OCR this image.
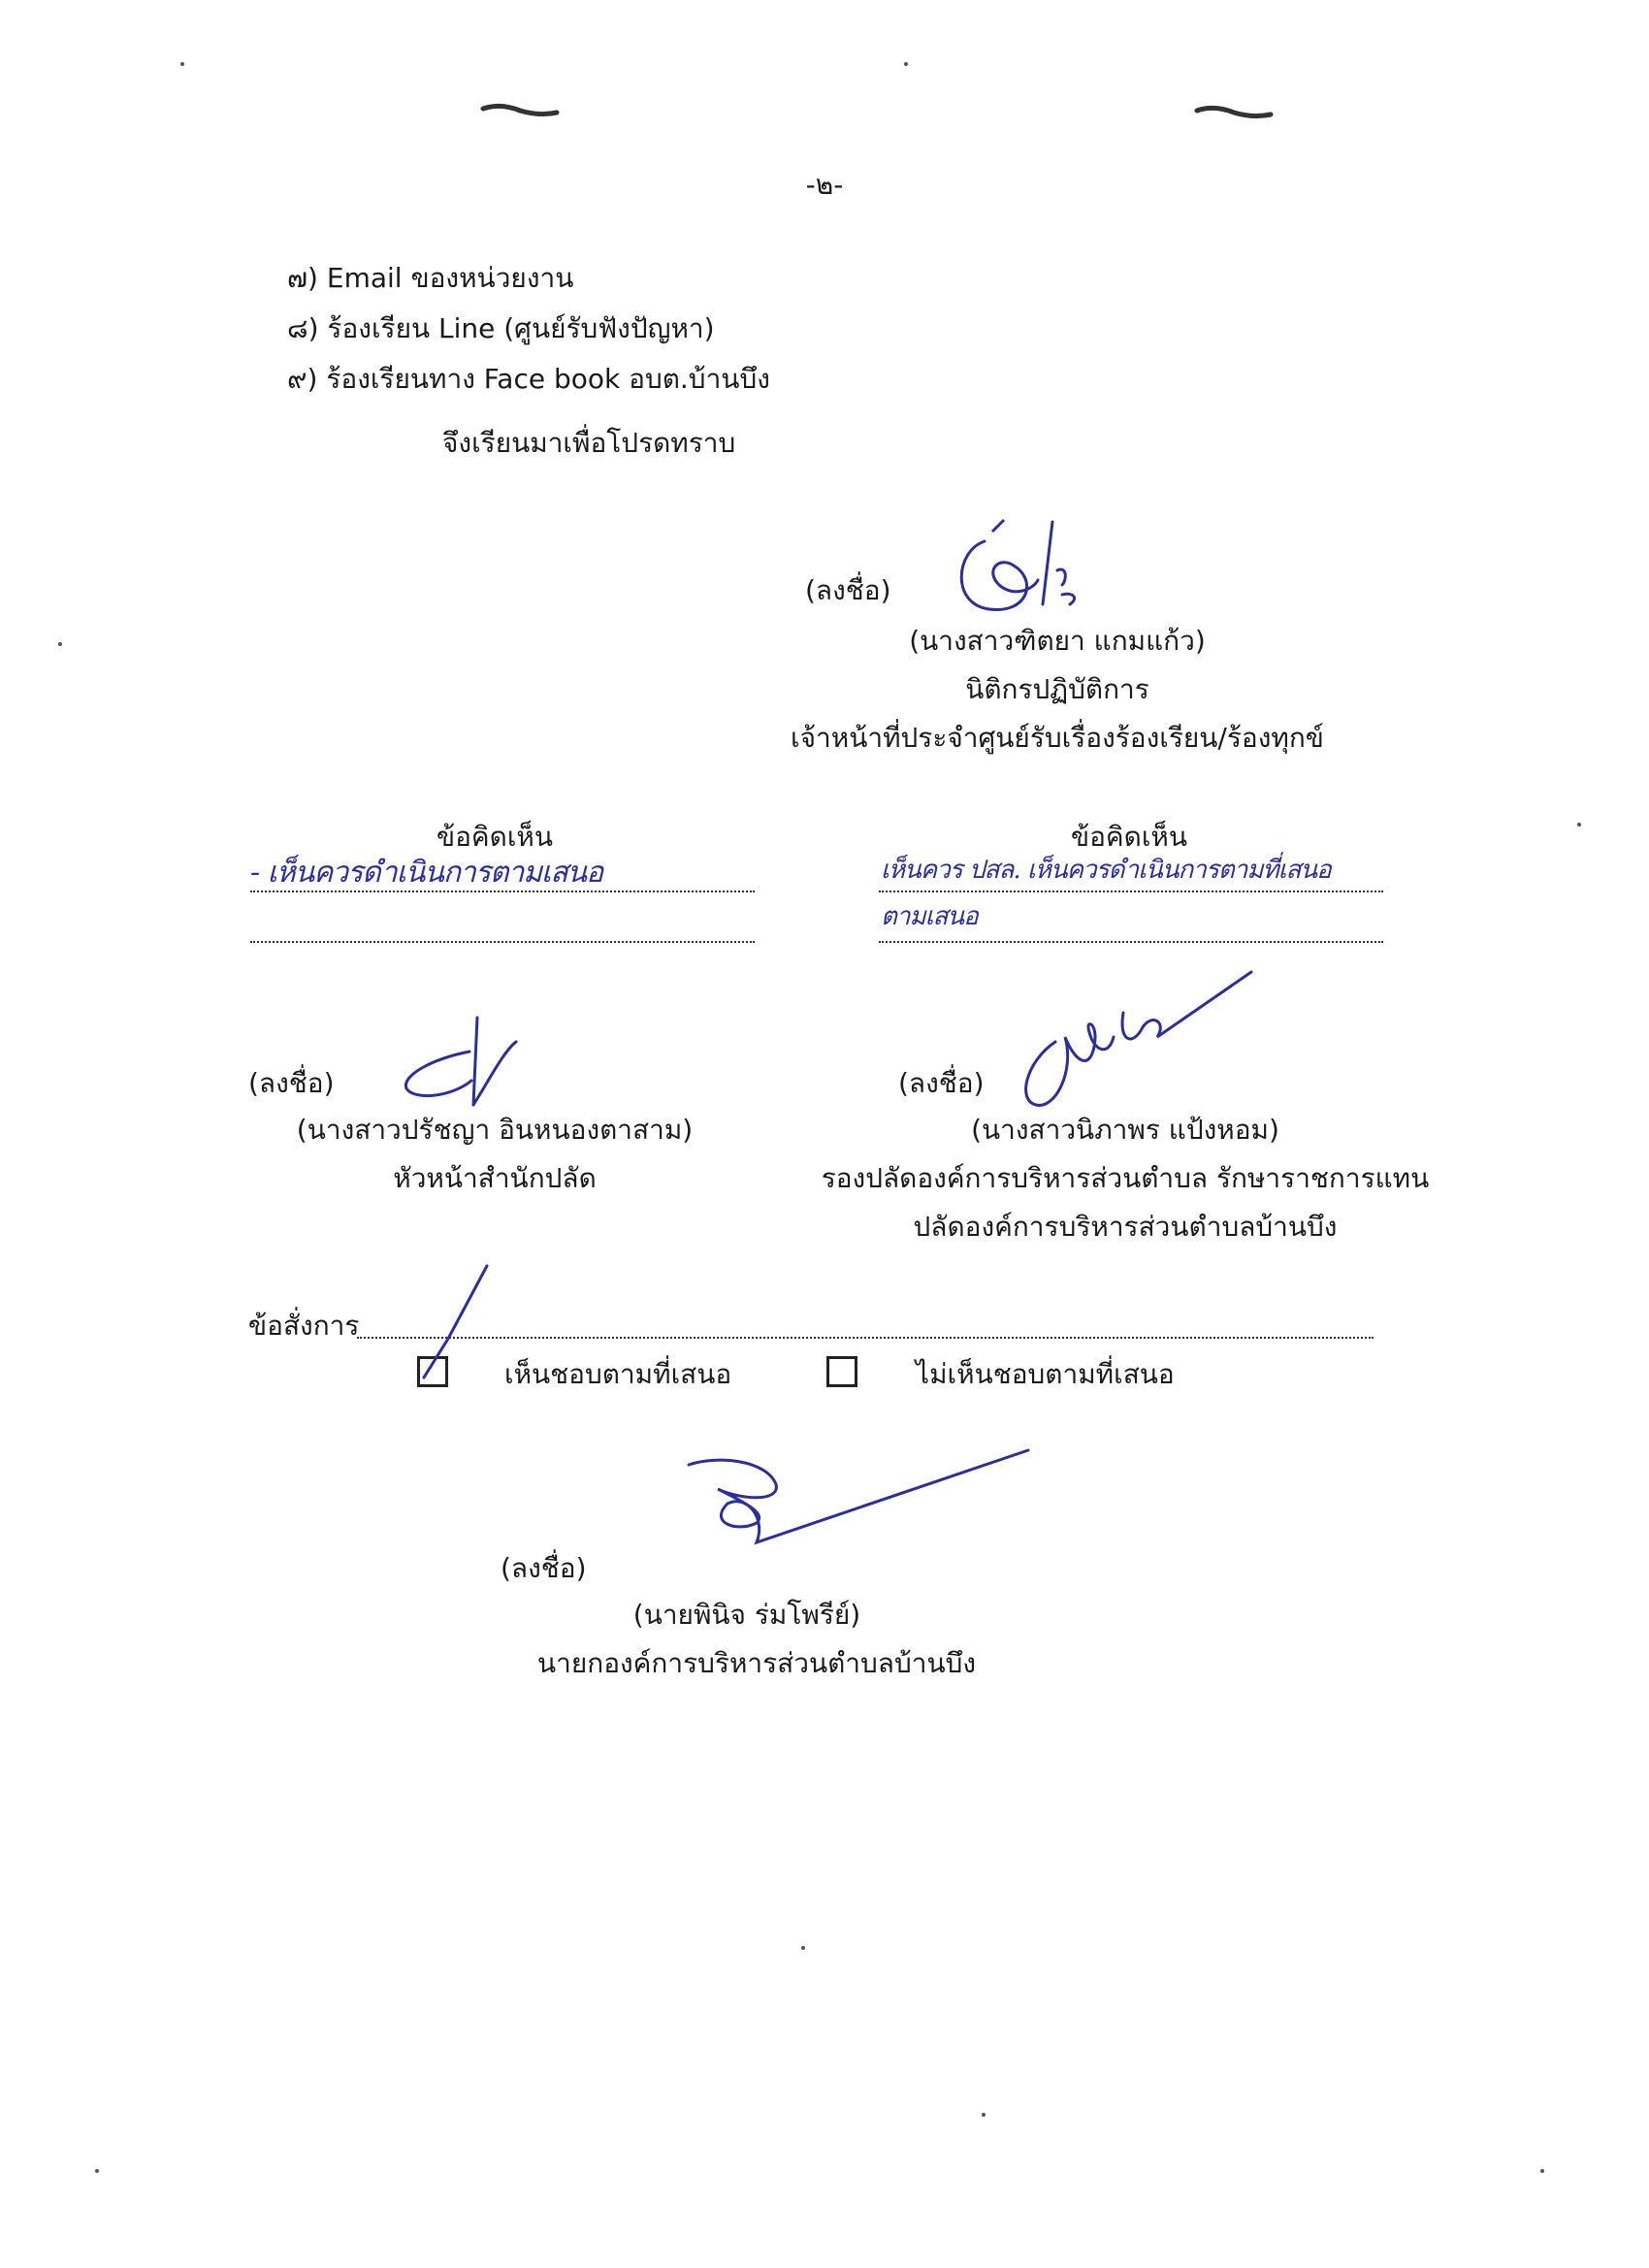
-๒-
๗) Email ของหน่วยงาน
๘) ร้องเรียน Line (ศูนย์รับฟังปัญหา)
๙) ร้องเรียนทาง Face book อบต.บ้านบึง
จึงเรียนมาเพื่อโปรดทราบ
(ลงชื่อ)
(นางสาวฑิตยา แกมแก้ว)
นิติกรปฏิบัติการ
เจ้าหน้าที่ประจำศูนย์รับเรื่องร้องเรียน/ร้องทุกข์
ข้อคิดเห็น
- เห็นควรดำเนินการตามเสนอ
ข้อคิดเห็น
เห็นควร ปสล. เห็นควรดำเนินการตามที่เสนอ
ตามเสนอ
(ลงชื่อ)
(นางสาวปรัชญา อินหนองตาสาม)
หัวหน้าสำนักปลัด
(ลงชื่อ)
(นางสาวนิภาพร แป้งหอม)
รองปลัดองค์การบริหารส่วนตำบล รักษาราชการแทน
ปลัดองค์การบริหารส่วนตำบลบ้านบึง
ข้อสั่งการ
เห็นชอบตามที่เสนอ	ไม่เห็นชอบตามที่เสนอ
(ลงชื่อ)
(นายพินิจ ร่มโพรีย์)
นายกองค์การบริหารส่วนตำบลบ้านบึง
